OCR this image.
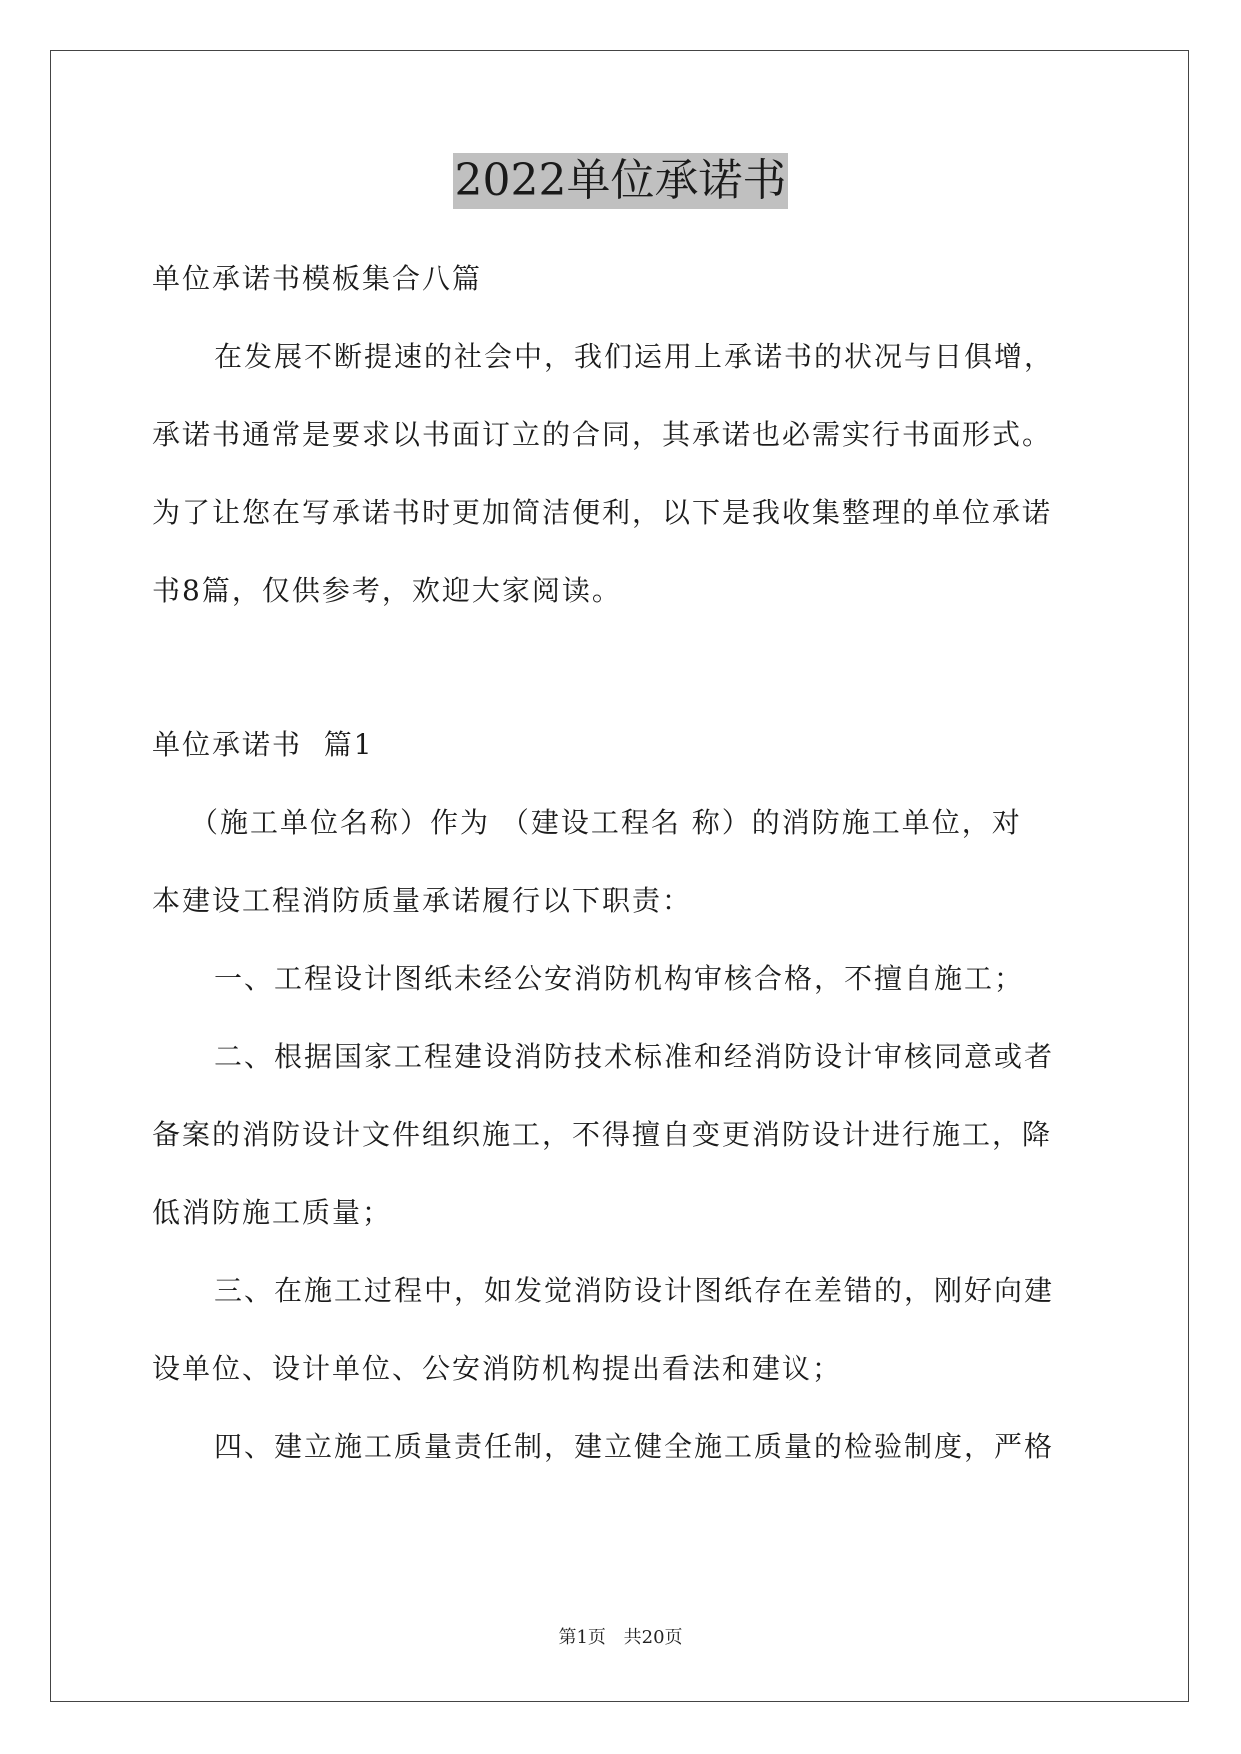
2022单位承诺书
单位承诺书模板集合八篇
在发展不断提速的社会中，我们运用上承诺书的状况与日俱增，
承诺书通常是要求以书面订立的合同，其承诺也必需实行书面形式。
为了让您在写承诺书时更加简洁便利，以下是我收集整理的单位承诺
书8篇，仅供参考，欢迎大家阅读。
单位承诺书  篇1
（施工单位名称）作为 （建设工程名 称）的消防施工单位，对
本建设工程消防质量承诺履行以下职责：
一、工程设计图纸未经公安消防机构审核合格，不擅自施工；
二、根据国家工程建设消防技术标准和经消防设计审核同意或者
备案的消防设计文件组织施工，不得擅自变更消防设计进行施工，降
低消防施工质量；
三、在施工过程中，如发觉消防设计图纸存在差错的，刚好向建
设单位、设计单位、公安消防机构提出看法和建议；
四、建立施工质量责任制，建立健全施工质量的检验制度，严格
第1页 共20页
